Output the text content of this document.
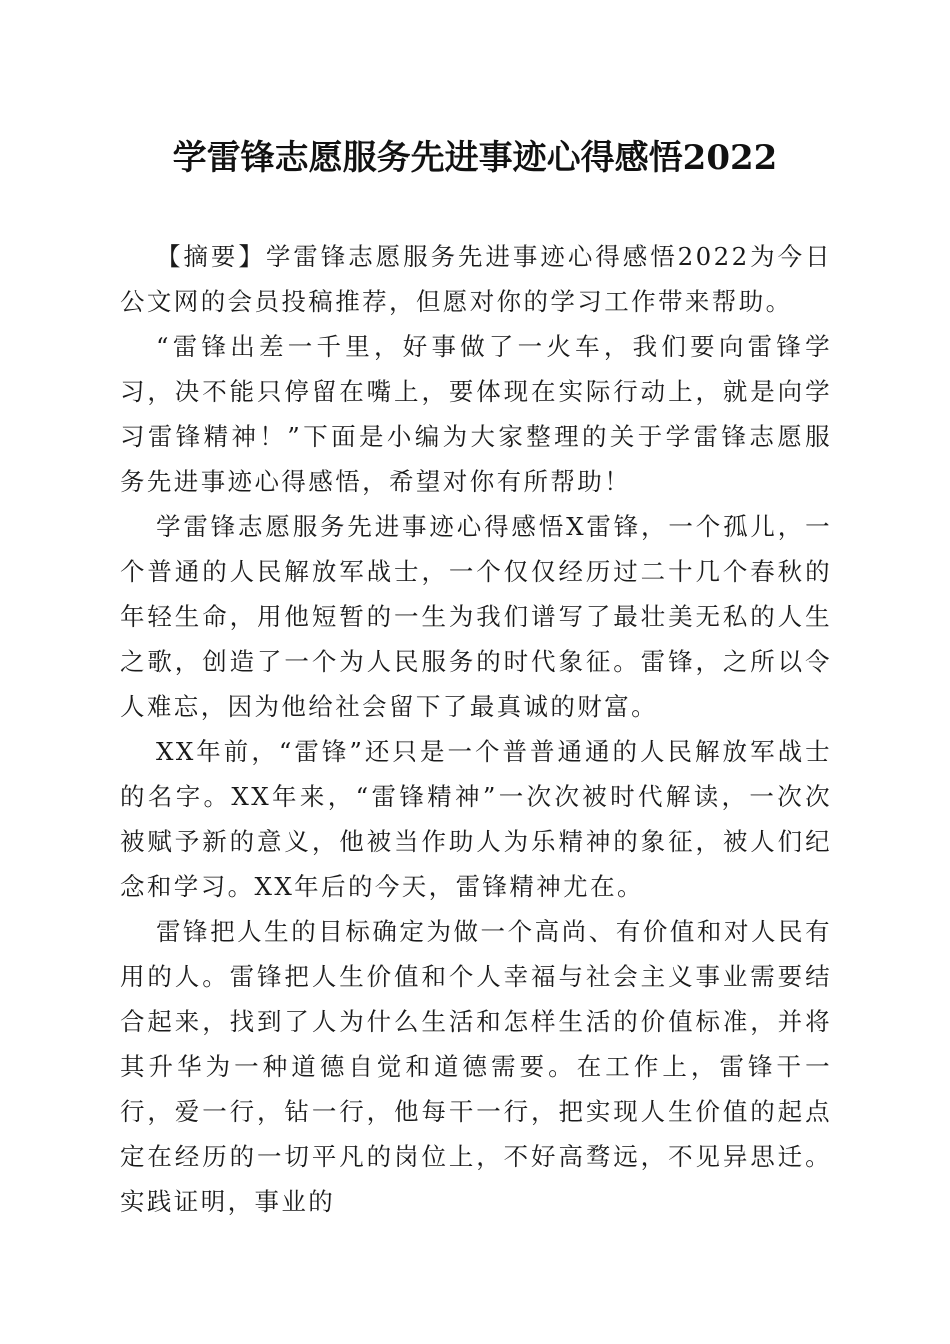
学雷锋志愿服务先进事迹心得感悟2022

【摘要】学雷锋志愿服务先进事迹心得感悟2022为今日公文网的会员投稿推荐，但愿对你的学习工作带来帮助。

“雷锋出差一千里，好事做了一火车，我们要向雷锋学习，决不能只停留在嘴上，要体现在实际行动上，就是向学习雷锋精神！”下面是小编为大家整理的关于学雷锋志愿服务先进事迹心得感悟，希望对你有所帮助！

学雷锋志愿服务先进事迹心得感悟X雷锋，一个孤儿，一个普通的人民解放军战士，一个仅仅经历过二十几个春秋的年轻生命，用他短暂的一生为我们谱写了最壮美无私的人生之歌，创造了一个为人民服务的时代象征。雷锋，之所以令人难忘，因为他给社会留下了最真诚的财富。

XX年前，“雷锋”还只是一个普普通通的人民解放军战士的名字。XX年来，“雷锋精神”一次次被时代解读，一次次被赋予新的意义，他被当作助人为乐精神的象征，被人们纪念和学习。XX年后的今天，雷锋精神尤在。

雷锋把人生的目标确定为做一个高尚、有价值和对人民有用的人。雷锋把人生价值和个人幸福与社会主义事业需要结合起来，找到了人为什么生活和怎样生活的价值标准，并将其升华为一种道德自觉和道德需要。在工作上，雷锋干一行，爱一行，钻一行，他每干一行，把实现人生价值的起点定在经历的一切平凡的岗位上，不好高骛远，不见异思迁。实践证明，事业的
